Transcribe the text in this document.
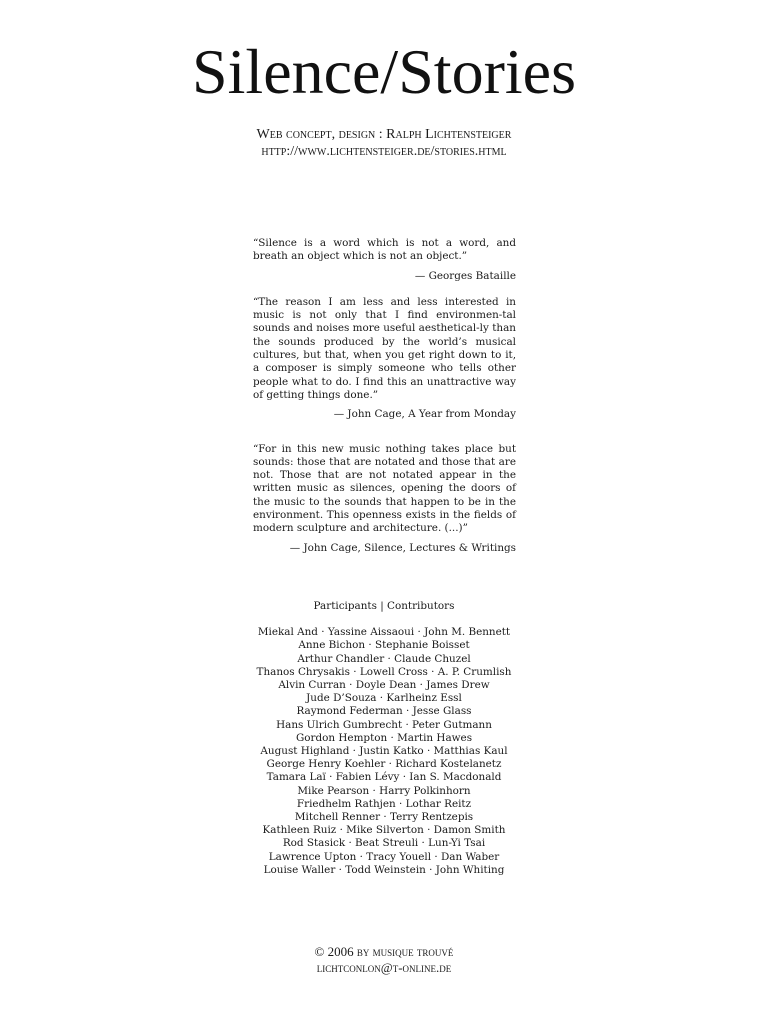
Silence/Stories
Web concept, design : Ralph Lichtensteiger
http://www.lichtensteiger.de/stories.html

“Silence is a word which is not a word, and breath an object which is not an object.”

— Georges Bataille

“The reason I am less and less interested in music is not only that I find environmen-tal sounds and noises more useful aesthetical-ly than the sounds produced by the world’s musical cultures, but that, when you get right down to it, a composer is simply someone who tells other people what to do. I find this an unattractive way of getting things done.”

— John Cage, A Year from Monday

“For in this new music nothing takes place but sounds: those that are notated and those that are not. Those that are not notated appear in the written music as silences, opening the doors of the music to the sounds that happen to be in the environment. This openness exists in the fields of modern sculpture and architecture. (...)”

— John Cage, Silence, Lectures & Writings

Participants | Contributors

Miekal And · Yassine Aissaoui · John M. Bennett
Anne Bichon · Stephanie Boisset
Arthur Chandler · Claude Chuzel
Thanos Chrysakis · Lowell Cross · A. P. Crumlish
Alvin Curran · Doyle Dean · James Drew
Jude D’Souza · Karlheinz Essl
Raymond Federman · Jesse Glass
Hans Ulrich Gumbrecht · Peter Gutmann
Gordon Hempton · Martin Hawes
August Highland · Justin Katko · Matthias Kaul
George Henry Koehler · Richard Kostelanetz
Tamara Laï · Fabien Lévy · Ian S. Macdonald
Mike Pearson · Harry Polkinhorn
Friedhelm Rathjen · Lothar Reitz
Mitchell Renner · Terry Rentzepis
Kathleen Ruiz · Mike Silverton · Damon Smith
Rod Stasick · Beat Streuli · Lun-Yi Tsai
Lawrence Upton · Tracy Youell · Dan Waber
Louise Waller · Todd Weinstein · John Whiting
© 2006 by musique trouvé
lichtconlon@t-online.de
